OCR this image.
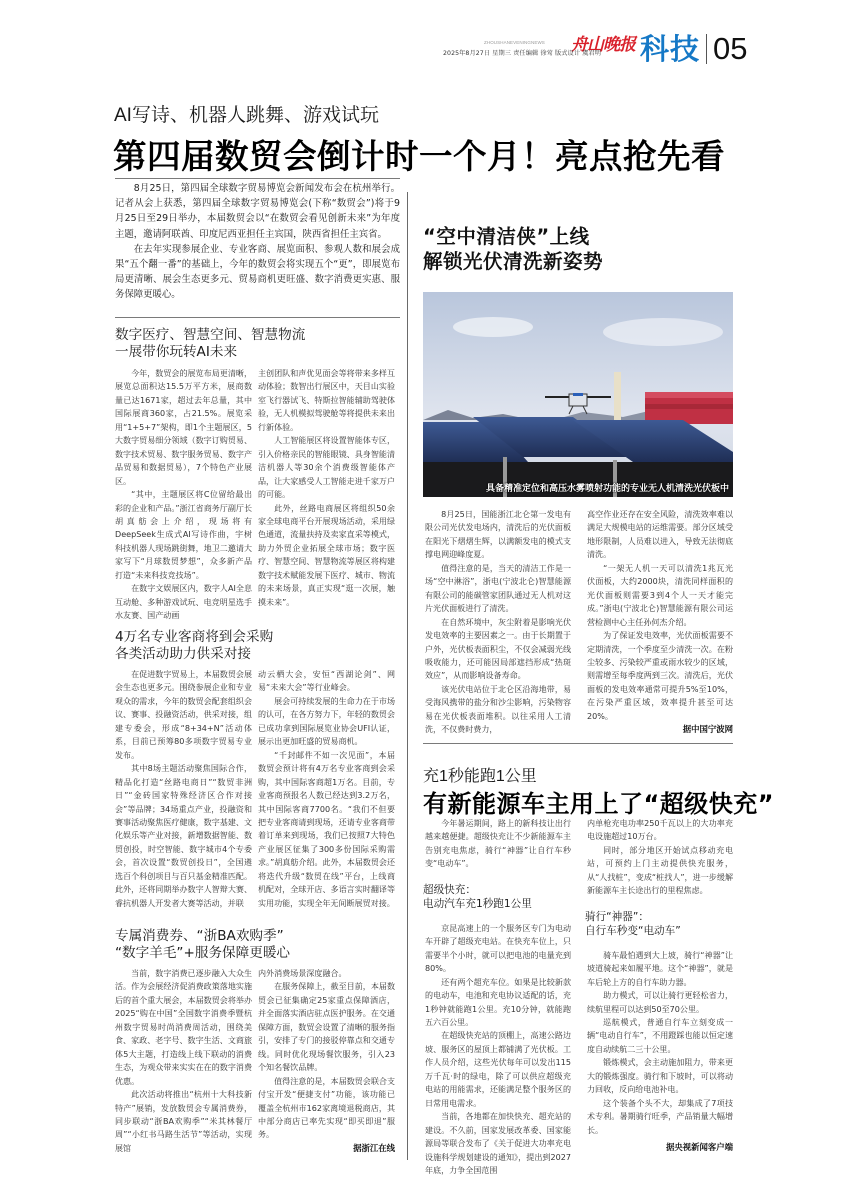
ZHOUSHANEVENINGNEWS 舟山晚报
2025年8月27日 星期三 责任编辑 徐莺 版式设计 虞君明 科技 05
AI写诗、机器人跳舞、游戏试玩
第四届数贸会倒计时一个月！亮点抢先看

8月25日，第四届全球数字贸易博览会新闻发布会在杭州举行。记者从会上获悉，第四届全球数字贸易博览会(下称“数贸会”)将于9月25日至29日举办，本届数贸会以“在数贸会看见创新未来”为年度主题，邀请阿联酋、印度尼西亚担任主宾国，陕西省担任主宾省。

在去年实现参展企业、专业客商、展览面积、参观人数和展会成果“五个翻一番”的基础上，今年的数贸会将实现五个“更”，即展览布局更清晰、展会生态更多元、贸易商机更旺盛、数字消费更实惠、服务保障更暖心。

数字医疗、智慧空间、智慧物流
一展带你玩转AI未来

今年，数贸会的展览布局更清晰，展览总面积达15.5万平方米，展商数量已达1671家，超过去年总量，其中国际展商360家，占21.5%。展览采用“1+5+7”架构，即1个主题展区，5大数字贸易细分领域（数字订购贸易、数字技术贸易、数字服务贸易、数字产品贸易和数据贸易），7个特色产业展区。

“其中，主题展区将C位留给最出彩的企业和产品。”浙江省商务厅副厅长胡真舫会上介绍，现场将有DeepSeek生成式AI写诗作曲，宇树科技机器人现场跳街舞，地卫二邀请大家写下“月球数贸梦想”，众多新产品打造“未来科技竞技场”。

在数字文娱展区内，数字人AI全息互动舱、多种游戏试玩、电竞明星选手水友赛、国产动画

主创团队和声优见面会等将带来多样互动体验；数智出行展区中，天目山实验室飞行器试飞、特斯拉智能辅助驾驶体验，无人机模拟驾驶舱等将提供未来出行新体验。

人工智能展区将设置智能体专区，引入价格亲民的智能眼镜、具身智能清洁机器人等30余个消费级智能体产品，让大家感受人工智能走进千家万户的可能。

此外，丝路电商展区将组织50余家全球电商平台开展现场活动，采用绿色通道，流量扶持及卖家直采等模式，助力外贸企业拓展全球市场；数字医疗、智慧空间、智慧物流等展区将构建数字技术赋能发展下医疗、城市、物流的未来场景，真正实现“逛一次展，触摸未来”。

4万名专业客商将到会采购
各类活动助力供采对接

在促进数字贸易上，本届数贸会展会生态也更多元。围绕参展企业和专业观众的需求，今年的数贸会配套组织会议、赛事、投融资活动，供采对接，组建专委会，形成“8+34+N”活动体系，目前已预筹80多项数字贸易专业发布。

其中8场主题活动聚焦国际合作，精品化打造“丝路电商日”“数贸非洲日”“金砖国家特殊经济区合作对接会”等品牌；34场重点产业，投融资和赛事活动聚焦医疗健康，数字基建、文化娱乐等产业对接，新增数据智能、数贸创投，时空智能、数字城市4个专委会，首次设置“数贸创投日”，全国遴选百个科创项目与百只基金精准匹配。此外，还将同期举办数字人智辩大赛、睿抗机器人开发者大赛等活动，并联

动云栖大会，安恒“西湖论剑”、网易“未来大会”等行业峰会。

展会可持续发展的生命力在于市场的认可，在各方努力下，年轻的数贸会已成功拿到国际展览业协会UFI认证，展示出更加旺盛的贸易商机。

“千封邮件不如一次见面”，本届数贸会预计将有4万名专业客商到会采购，其中国际客商超1万名。目前，专业客商预报名人数已经达到3.2万名，其中国际客商7700名。“我们不但要把专业客商请到现场，还请专业客商带着订单来到现场，我们已按照7大特色产业展区征集了300多份国际采购需求。”胡真舫介绍。此外，本届数贸会还将迭代升级“数贸在线”平台，上线商机配对，全球开店、多语言实时翻译等实用功能，实现全年无间断展贸对接。

专属消费券、“浙BA欢购季”
“数字羊毛”+服务保障更暖心

当前，数字消费已逐步融入大众生活。作为会展经济促消费政策落地实施后的首个重大展会，本届数贸会将举办2025“购在中国”全国数字消费季暨杭州数字贸易时尚消费周活动，围绕美食、家政、老字号、数字生活、文商旅体5大主题，打造线上线下联动的消费生态，为观众带来实实在在的数字消费优惠。

此次活动将推出“杭州十大科技新特产”展销，发放数贸会专属消费券，同步联动“浙BA欢购季”“米其林餐厅周”“小红书马路生活节”等活动，实现展馆

内外消费场景深度融合。

在服务保障上，截至目前，本届数贸会已征集确定25家重点保障酒店，并全面落实酒店驻点医护服务。在交通保障方面，数贸会设置了清晰的服务指引，安排了专门的接驳停靠点和交通专线。同时优化现场餐饮服务，引入23个知名餐饮品牌。

值得注意的是，本届数贸会联合支付宝开发“便捷支付”功能，该功能已覆盖全杭州市162家离境退税商店，其中部分商店已率先实现“即买即退”服务。

据浙江在线
“空中清洁侠”上线
解锁光伏清洗新姿势
具备精准定位和高压水雾喷射功能的专业无人机清洗光伏板中

8月25日，国能浙江北仑第一发电有限公司光伏发电场内，清洗后的光伏面板在阳光下熠熠生辉，以满额发电的模式支撑电网迎峰度夏。

值得注意的是，当天的清洁工作是一场“空中淋浴”，浙电(宁波北仑)智慧能源有限公司的能碳管家团队通过无人机对这片光伏面板进行了清洗。

在自然环境中，灰尘附着是影响光伏发电效率的主要因素之一。由于长期置于户外，光伏板表面积尘，不仅会减弱光线吸收能力，还可能因局部遮挡形成“热斑效应”，从而影响设备寿命。

该光伏电站位于北仑区沿海地带，易受海风携带的盐分和沙尘影响，污染物容易在光伏板表面堆积。以往采用人工清洗，不仅费时费力，

高空作业还存在安全风险，清洗效率难以满足大规模电站的运维需要。部分区域受地形限制，人员难以进入，导致无法彻底清洗。

“一架无人机一天可以清洗1兆瓦光伏面板，大约2000块，清洗同样面积的光伏面板则需要3到4个人一天才能完成。”浙电(宁波北仑)智慧能源有限公司运营检测中心主任孙何杰介绍。

为了保证发电效率，光伏面板需要不定期清洗，一个季度至少清洗一次。在粉尘较多、污染较严重或雨水较少的区域，则需增至每季度两到三次。清洗后，光伏面板的发电效率通常可提升5%至10%，在污染严重区域，效率提升甚至可达20%。

据中国宁波网
充1秒能跑1公里
有新能源车主用上了“超级快充”

今年暑运期间，路上的新科技让出行越来越便捷。超级快充让不少新能源车主告别充电焦虑，骑行“神器”让自行车秒变“电动车”。

超级快充：
电动汽车充1秒跑1公里

京昆高速上的一个服务区专门为电动车开辟了超级充电站。在快充车位上，只需要半个小时，就可以把电池的电量充到80%。

还有两个超充车位。如果是比较新款的电动车，电池和充电协议适配的话，充1秒钟就能跑1公里。充10分钟，就能跑五六百公里。

在超级快充站的顶棚上，高速公路边坡、服务区的屋顶上都铺满了光伏板。工作人员介绍，这些光伏每年可以发出115万千瓦·时的绿电，除了可以供应超级充电站的用能需求，还能满足整个服务区的日常用电需求。

当前，各地都在加快快充、超充站的建设。不久前，国家发展改革委、国家能源局等联合发布了《关于促进大功率充电设施科学规划建设的通知》，提出到2027年底，力争全国范围

内单枪充电功率250千瓦以上的大功率充电设施超过10万台。

同时，部分地区开始试点移动充电站，可预约上门主动提供快充服务，从“人找桩”，变成“桩找人”，进一步缓解新能源车主长途出行的里程焦虑。

骑行“神器”：
自行车秒变“电动车”

骑车最怕遇到大上坡，骑行“神器”让坡道骑起来如履平地。这个“神器”，就是车后轮上方的自行车助力器。

助力模式，可以让骑行更轻松省力，续航里程可以达到50至70公里。

巡航模式，普通自行车立刻变成一辆“电动自行车”，不用蹬踩也能以恒定速度自动续航二三十公里。

锻炼模式，会主动施加阻力，带来更大的锻炼强度。骑行和下坡时，可以将动力回收，反向给电池补电。

这个装备个头不大，却集成了7项技术专利。暑期骑行旺季，产品销量大幅增长。

据央视新闻客户端
